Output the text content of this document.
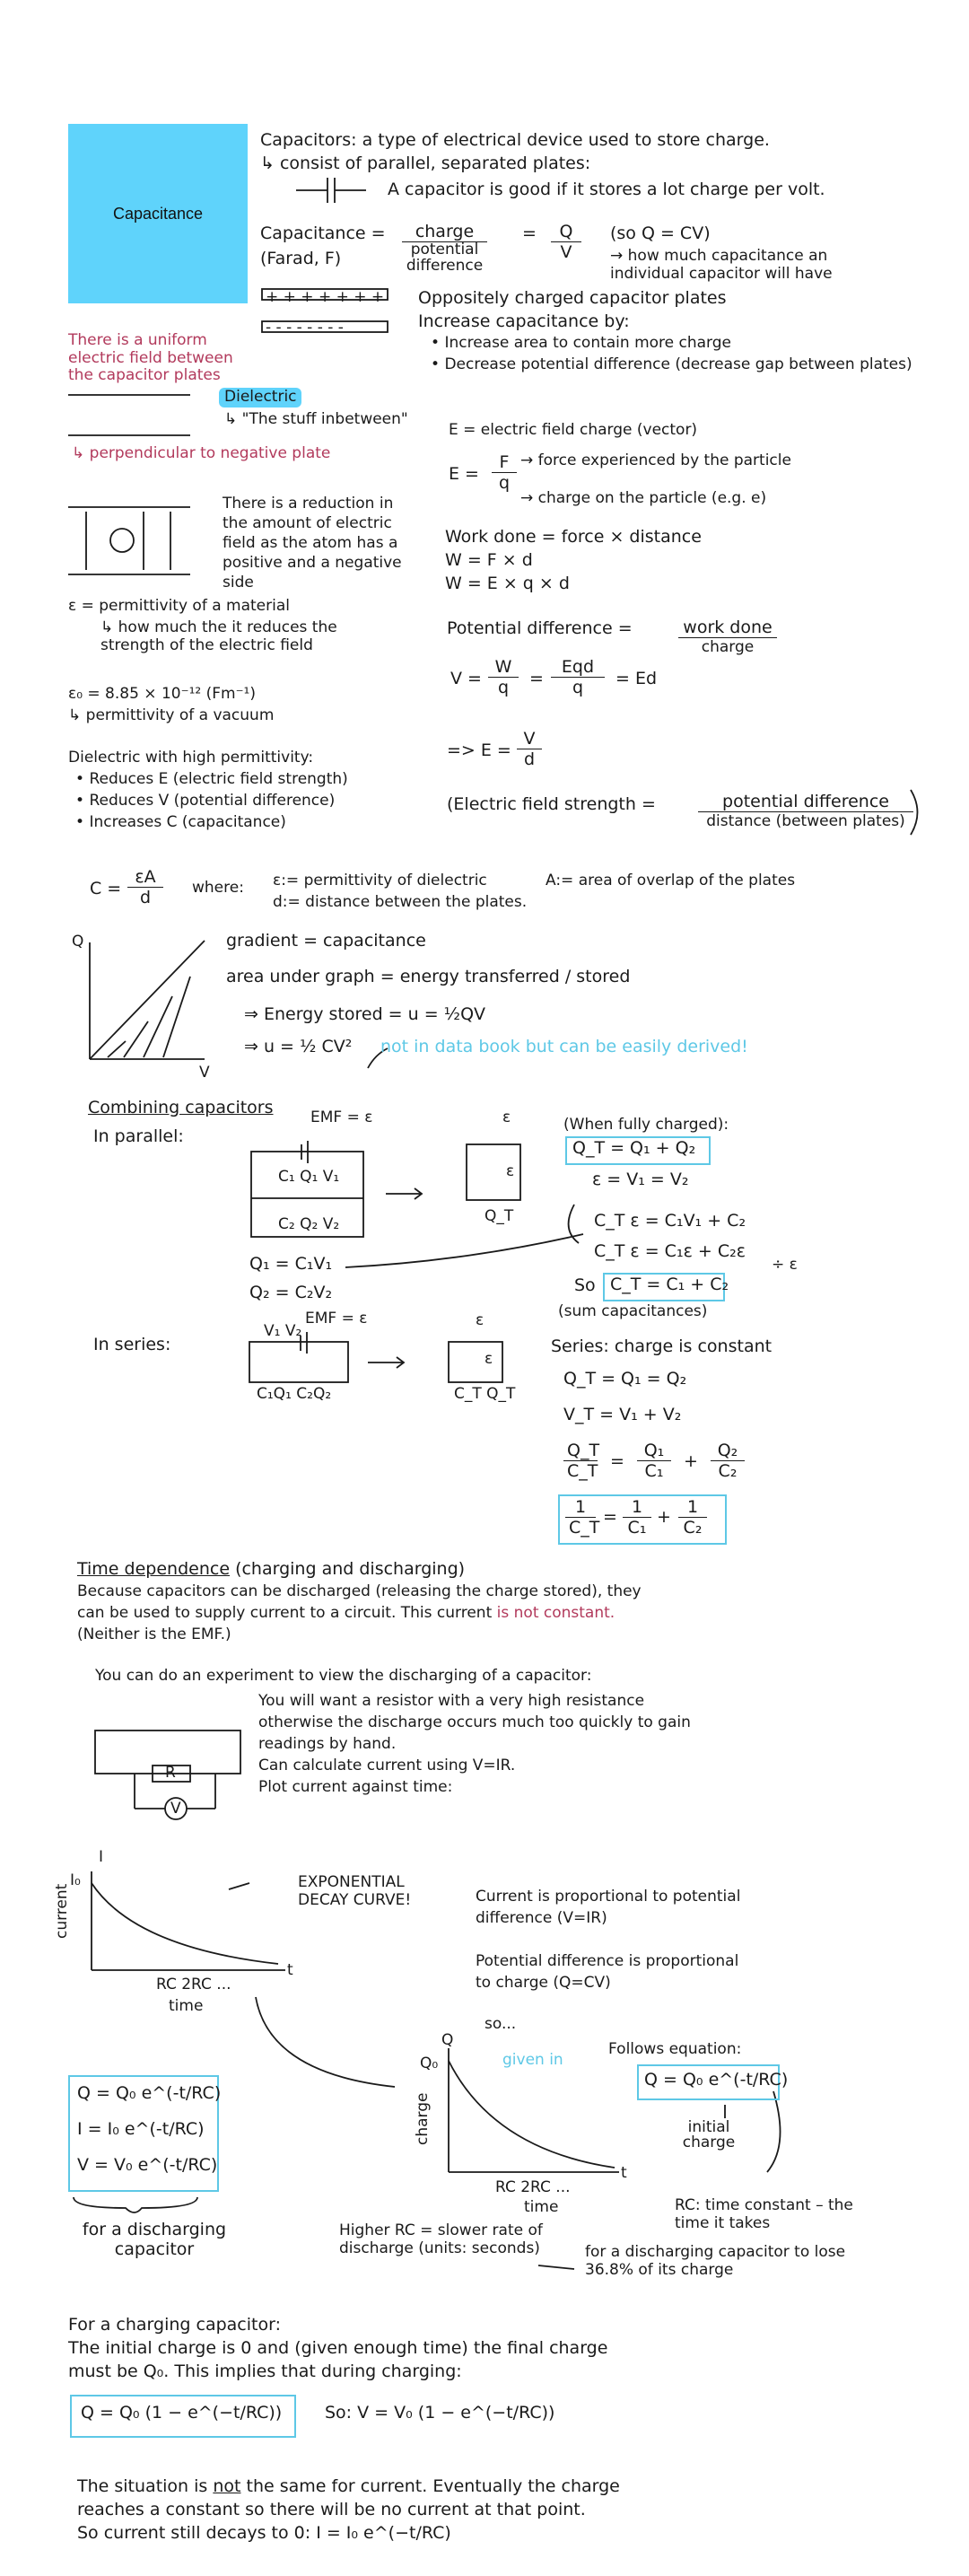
Capacitance
Capacitors: a type of electrical device used to store charge.
↳ consist of parallel, separated plates:
A capacitor is good if it stores a lot charge per volt.
Capacitance =	charge
potential difference
= $\frac{Q}{V} (so$ Q = CV)
(Farad, F)	→ how much capacitance an individual capacitor will have
+ + + + + + +
- - - - - - - -
Oppositely charged capacitor plates
Increase capacitance by:
• Increase area to contain more charge
• Decrease potential difference (decrease gap between plates)
There is a uniform electric field between the capacitor plates
Dielectric
↳ "The stuff inbetween"
↳ perpendicular to negative plate
There is a reduction in the amount of electric field as the atom has a positive and a negative side
ε = permittivity of a material
↳ how much the it reduces the strength of the electric field
ε₀ = 8.85 × 10⁻¹² (Fm⁻¹)
↳ permittivity of a vacuum
Dielectric with high permittivity:
• Reduces E (electric field strength)
• Reduces V (potential difference)
• Increases C (capacitance)
E = electric field charge (vector)
$E = \frac{F}{q}$ → force experienced by the particle
→ charge on the particle (e.g. e)
Work done = force × distance
W = F × d
W = E × q × d
Potential difference =	work done
charge
$V = \frac{W}{q}$ =
Eqd
q	= Ed
=> $E = \frac{V}{d}$
(Electric field strength =	potential difference
distance (between plates)
$C = \frac{\varepsilon A}{d}$ where: ε:= permittivity of dielectric	A:= area of overlap of the plates
d:= distance between the plates.
Q
V
gradient = capacitance
area under graph = energy transferred / stored
⇒ Energy stored = u = ½QV
⇒ u = ½ CV² not in data book but can be easily derived!
Combining capacitors
In parallel:
EMF = ε
C₁ Q₁ V₁
C₂ Q₂ V₂
ε
ε
Q_T
(When fully charged):
Q_T = Q₁ + Q₂
ε = V₁ = V₂
Q₁ = C₁V₁
Q₂ = C₂V₂
C_T ε = C₁V₁ + C₂
C_T ε = C₁ε + C₂ε
÷ ε
So C_T = C₁ + C₂
(sum capacitances)
In series:
EMF = ε
V₁ V₂
C₁Q₁ C₂Q₂
ε
ε
C_T Q_T
Series: charge is constant
Q_T = Q₁ = Q₂
V_T = V₁ + V₂
$\frac{Q\_T}{C\_T} = \frac{\text{Q₁}}{\text{C₁}} + \frac{\text{Q₂}}{\text{C₂}}$
$\frac{1}{C\_T} = \frac{1}{\text{C₁}} + \frac{1}{\text{C₂}}$
Time dependence (charging and discharging)
Because capacitors can be discharged (releasing the charge stored), they
can be used to supply current to a circuit. This current is not constant.
(Neither is the EMF.)
You can do an experiment to view the discharging of a capacitor:
You will want a resistor with a very high resistance
otherwise the discharge occurs much too quickly to gain
readings by hand.
Can calculate current using V=IR.
Plot current against time:
R
V
I
I₀
current
RC 2RC ...
t
time
EXPONENTIAL DECAY CURVE!	Current is proportional to potential
difference (V=IR)
Potential difference is proportional
to charge (Q=CV)
so...
given in
Follows equation:
Q = Q₀ e^(-t/RC)
initial charge
Q
Q₀
charge
RC 2RC ...
t
time
Q = Q₀ e^(-t/RC)
I = I₀ e^(-t/RC)
V = V₀ e^(-t/RC)
for a discharging capacitor
Higher RC = slower rate of discharge (units: seconds)
RC: time constant – the time it takes
for a discharging capacitor to lose 36.8% of its charge
For a charging capacitor:
The initial charge is 0 and (given enough time) the final charge
must be Q₀. This implies that during charging:
Q = Q₀ (1 − e^(−t/RC))	So: V = V₀ (1 − e^(−t/RC))
The situation is not the same for current. Eventually the charge
reaches a constant so there will be no current at that point.
So current still decays to 0: I = I₀ e^(−t/RC)
